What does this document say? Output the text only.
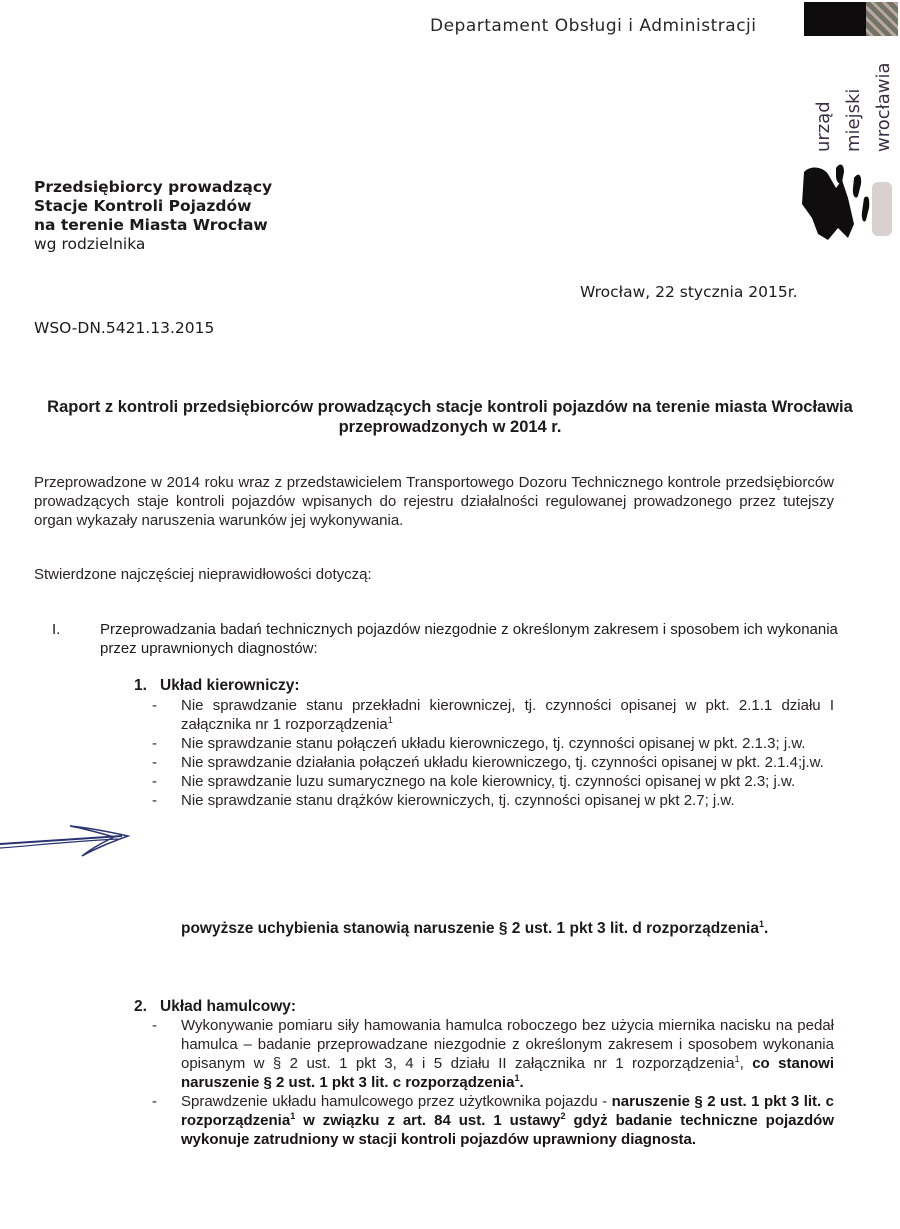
Departament Obsługi i Administracji
urząd miejski wrocławia
Przedsiębiorcy prowadzący
Stacje Kontroli Pojazdów
na terenie Miasta Wrocław
wg rodzielnika
Wrocław, 22 stycznia 2015r.
WSO-DN.5421.13.2015
Raport z kontroli przedsiębiorców prowadzących stacje kontroli pojazdów na terenie miasta Wrocławia przeprowadzonych w 2014 r.
Przeprowadzone w 2014 roku wraz z przedstawicielem Transportowego Dozoru Technicznego kontrole przedsiębiorców prowadzących staje kontroli pojazdów wpisanych do rejestru działalności regulowanej prowadzonego przez tutejszy organ wykazały naruszenia warunków jej wykonywania.
Stwierdzone najczęściej nieprawidłowości dotyczą:
I.	Przeprowadzania badań technicznych pojazdów niezgodnie z określonym zakresem i sposobem ich wykonania przez uprawnionych diagnostów:
1. Układ kierowniczy:
- Nie sprawdzanie stanu przekładni kierowniczej, tj. czynności opisanej w pkt. 2.1.1 działu I załącznika nr 1 rozporządzenia$^1$
- Nie sprawdzanie stanu połączeń układu kierowniczego, tj. czynności opisanej w pkt. 2.1.3; j.w.
- Nie sprawdzanie działania połączeń układu kierowniczego, tj. czynności opisanej w pkt. 2.1.4;j.w.
- Nie sprawdzanie luzu sumarycznego na kole kierownicy, tj. czynności opisanej w pkt 2.3; j.w.
- Nie sprawdzanie stanu drążków kierowniczych, tj. czynności opisanej w pkt 2.7; j.w.
powyższe uchybienia stanowią naruszenie § 2 ust. 1 pkt 3 lit. d rozporządzenia$^1$.
2. Układ hamulcowy:
- Wykonywanie pomiaru siły hamowania hamulca roboczego bez użycia miernika nacisku na pedał hamulca – badanie przeprowadzane niezgodnie z określonym zakresem i sposobem wykonania opisanym w § 2 ust. 1 pkt 3, 4 i 5 działu II załącznika nr 1 rozporządzenia$^1$, co stanowi naruszenie § 2 ust. 1 pkt 3 lit. c rozporządzenia$^1$.
- Sprawdzenie układu hamulcowego przez użytkownika pojazdu - naruszenie § 2 ust. 1 pkt 3 lit. c rozporządzenia$^1$ w związku z art. 84 ust. 1 ustawy$^2$ gdyż badanie techniczne pojazdów wykonuje zatrudniony w stacji kontroli pojazdów uprawniony diagnosta.
